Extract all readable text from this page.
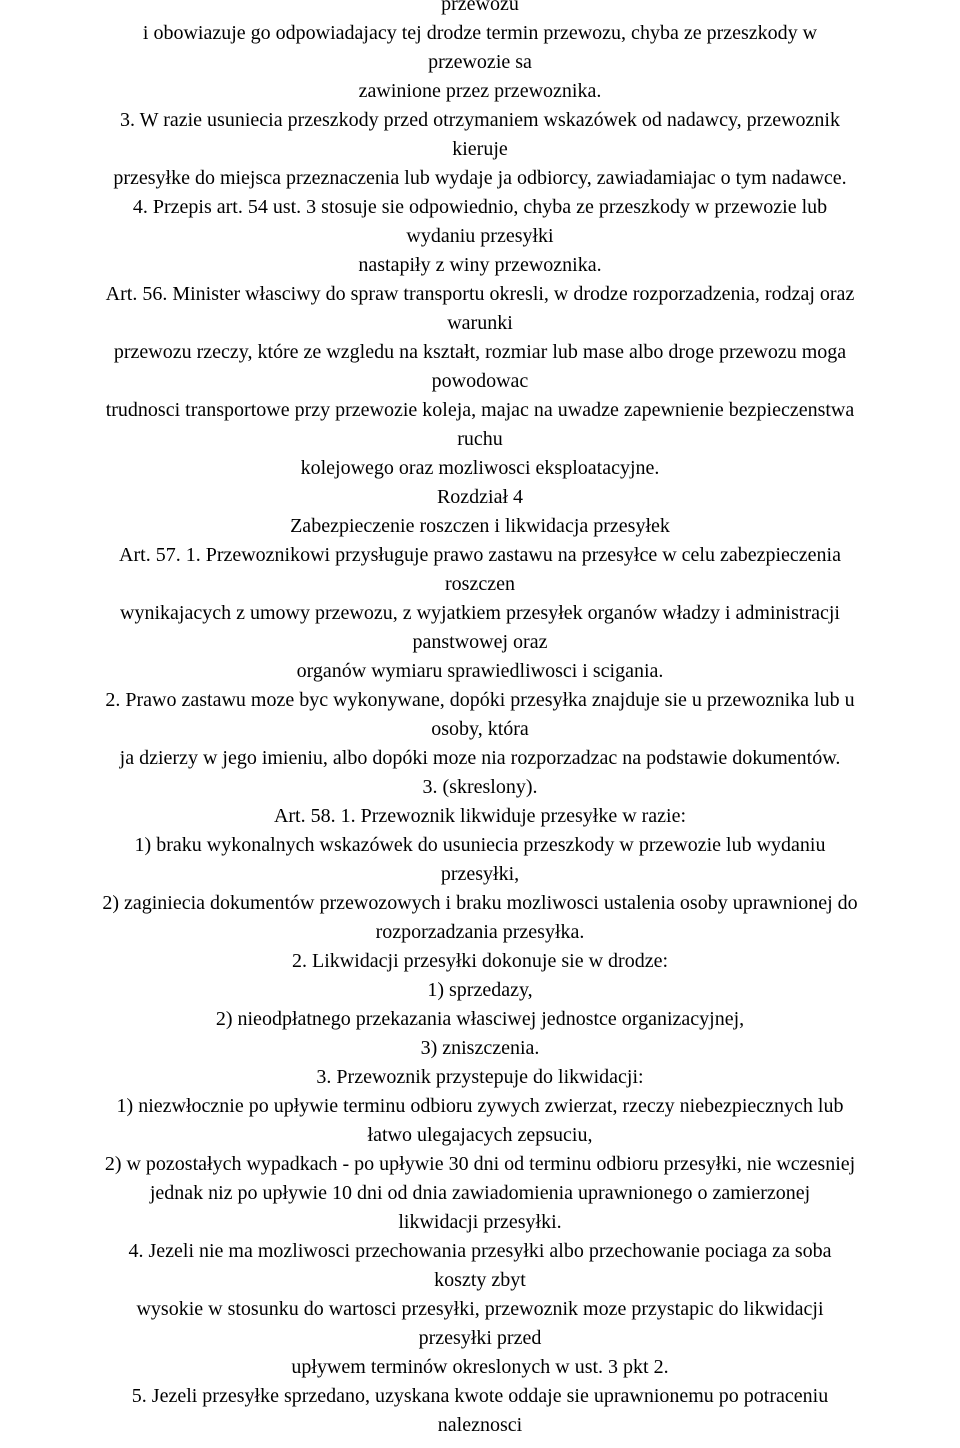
przewozu
i obowiazuje go odpowiadajacy tej drodze termin przewozu, chyba ze przeszkody w
przewozie sa
zawinione przez przewoznika.
3. W razie usuniecia przeszkody przed otrzymaniem wskazówek od nadawcy, przewoznik
kieruje
przesyłke do miejsca przeznaczenia lub wydaje ja odbiorcy, zawiadamiajac o tym nadawce.
4. Przepis art. 54 ust. 3 stosuje sie odpowiednio, chyba ze przeszkody w przewozie lub
wydaniu przesyłki
nastapiły z winy przewoznika.
Art. 56. Minister własciwy do spraw transportu okresli, w drodze rozporzadzenia, rodzaj oraz
warunki
przewozu rzeczy, które ze wzgledu na kształt, rozmiar lub mase albo droge przewozu moga
powodowac
trudnosci transportowe przy przewozie koleja, majac na uwadze zapewnienie bezpieczenstwa
ruchu
kolejowego oraz mozliwosci eksploatacyjne.
Rozdział 4
Zabezpieczenie roszczen i likwidacja przesyłek
Art. 57. 1. Przewoznikowi przysługuje prawo zastawu na przesyłce w celu zabezpieczenia
roszczen
wynikajacych z umowy przewozu, z wyjatkiem przesyłek organów władzy i administracji
panstwowej oraz
organów wymiaru sprawiedliwosci i scigania.
2. Prawo zastawu moze byc wykonywane, dopóki przesyłka znajduje sie u przewoznika lub u
osoby, która
ja dzierzy w jego imieniu, albo dopóki moze nia rozporzadzac na podstawie dokumentów.
3. (skreslony).
Art. 58. 1. Przewoznik likwiduje przesyłke w razie:
1) braku wykonalnych wskazówek do usuniecia przeszkody w przewozie lub wydaniu
przesyłki,
2) zaginiecia dokumentów przewozowych i braku mozliwosci ustalenia osoby uprawnionej do
rozporzadzania przesyłka.
2. Likwidacji przesyłki dokonuje sie w drodze:
1) sprzedazy,
2) nieodpłatnego przekazania własciwej jednostce organizacyjnej,
3) zniszczenia.
3. Przewoznik przystepuje do likwidacji:
1) niezwłocznie po upływie terminu odbioru zywych zwierzat, rzeczy niebezpiecznych lub
łatwo ulegajacych zepsuciu,
2) w pozostałych wypadkach - po upływie 30 dni od terminu odbioru przesyłki, nie wczesniej
jednak niz po upływie 10 dni od dnia zawiadomienia uprawnionego o zamierzonej
likwidacji przesyłki.
4. Jezeli nie ma mozliwosci przechowania przesyłki albo przechowanie pociaga za soba
koszty zbyt
wysokie w stosunku do wartosci przesyłki, przewoznik moze przystapic do likwidacji
przesyłki przed
upływem terminów okreslonych w ust. 3 pkt 2.
5. Jezeli przesyłke sprzedano, uzyskana kwote oddaje sie uprawnionemu po potraceniu
naleznosci
